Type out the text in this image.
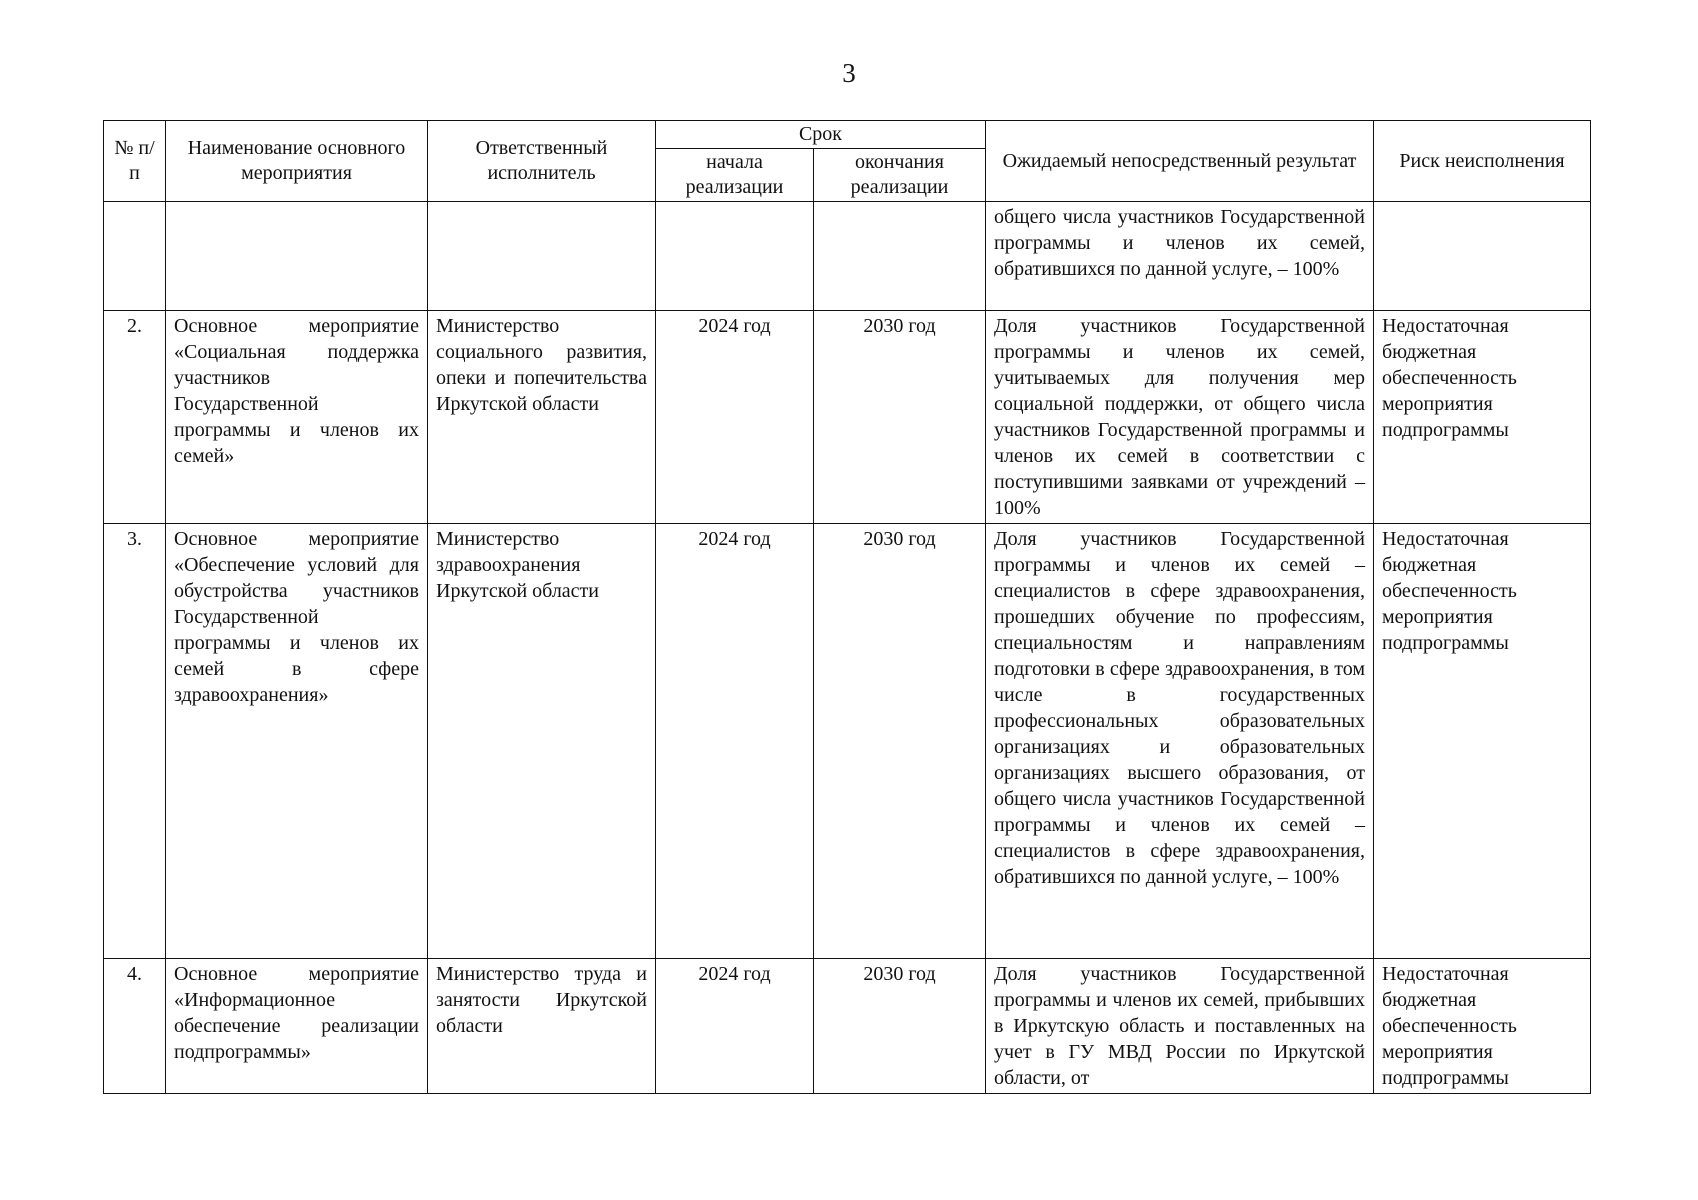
3
№ п/п	Наименование основного мероприятия	Ответственный исполнитель	Срок		Ожидаемый непосредственный результат	Риск неисполнения
			начала реализации	окончания реализации		
					общего числа участников Государственной программы и членов их семей, обратившихся по данной услуге, – 100%	
2.	Основное мероприятие «Социальная поддержка участников Государственной программы и членов их семей»	Министерство социального развития, опеки и попечительства Иркутской области	2024 год	2030 год	Доля участников Государственной программы и членов их семей, учитываемых для получения мер социальной поддержки, от общего числа участников Государственной программы и членов их семей в соответствии с поступившими заявками от учреждений – 100%	Недостаточная бюджетная обеспеченность мероприятия подпрограммы
3.	Основное мероприятие «Обеспечение условий для обустройства участников Государственной программы и членов их семей в сфере здравоохранения»	Министерство здравоохранения Иркутской области	2024 год	2030 год	Доля участников Государственной программы и членов их семей – специалистов в сфере здравоохранения, прошедших обучение по профессиям, специальностям и направлениям подготовки в сфере здравоохранения, в том числе в государственных профессиональных образовательных организациях и образовательных организациях высшего образования, от общего числа участников Государственной программы и членов их семей – специалистов в сфере здравоохранения, обратившихся по данной услуге, – 100%	Недостаточная бюджетная обеспеченность мероприятия подпрограммы
4.	Основное мероприятие «Информационное обеспечение реализации подпрограммы»	Министерство труда и занятости Иркутской области	2024 год	2030 год	Доля участников Государственной программы и членов их семей, прибывших в Иркутскую область и поставленных на учет в ГУ МВД России по Иркутской области, от	Недостаточная бюджетная обеспеченность мероприятия подпрограммы
